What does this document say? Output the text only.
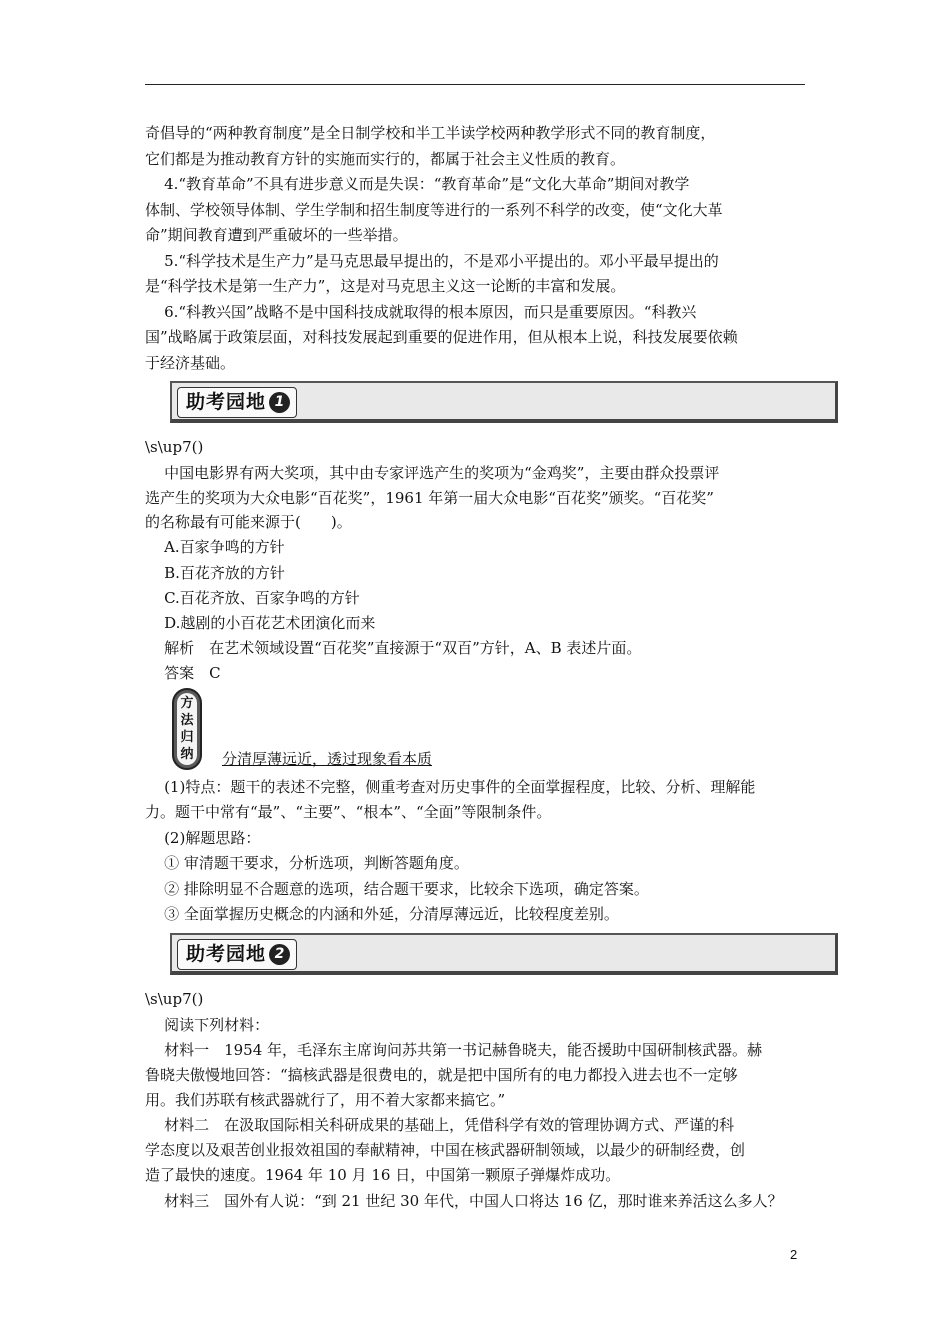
奇倡导的“两种教育制度”是全日制学校和半工半读学校两种教学形式不同的教育制度，

它们都是为推动教育方针的实施而实行的，都属于社会主义性质的教育。

4.“教育革命”不具有进步意义而是失误：“教育革命”是“文化大革命”期间对教学

体制、学校领导体制、学生学制和招生制度等进行的一系列不科学的改变，使“文化大革

命”期间教育遭到严重破坏的一些举措。

5.“科学技术是生产力”是马克思最早提出的，不是邓小平提出的。邓小平最早提出的

是“科学技术是第一生产力”，这是对马克思主义这一论断的丰富和发展。

6.“科教兴国”战略不是中国科技成就取得的根本原因，而只是重要原因。“科教兴

国”战略属于政策层面，对科技发展起到重要的促进作用，但从根本上说，科技发展要依赖

于经济基础。

助考园地 1

\s\up7()

中国电影界有两大奖项，其中由专家评选产生的奖项为“金鸡奖”，主要由群众投票评

选产生的奖项为大众电影“百花奖”，1961 年第一届大众电影“百花奖”颁奖。“百花奖”

的名称最有可能来源于(　　)。

A.百家争鸣的方针

B.百花齐放的方针

C.百花齐放、百家争鸣的方针

D.越剧的小百花艺术团演化而来

解析　在艺术领域设置“百花奖”直接源于“双百”方针，A、B 表述片面。

答案　C

方
法
归
纳 分清厚薄远近，透过现象看本质

(1)特点：题干的表述不完整，侧重考查对历史事件的全面掌握程度，比较、分析、理解能

力。题干中常有“最”、“主要”、“根本”、“全面”等限制条件。

(2)解题思路：

① 审清题干要求，分析选项，判断答题角度。

② 排除明显不合题意的选项，结合题干要求，比较余下选项，确定答案。

③ 全面掌握历史概念的内涵和外延，分清厚薄远近，比较程度差别。

助考园地 2

\s\up7()

阅读下列材料：

材料一　1954 年，毛泽东主席询问苏共第一书记赫鲁晓夫，能否援助中国研制核武器。赫

鲁晓夫傲慢地回答：“搞核武器是很费电的，就是把中国所有的电力都投入进去也不一定够

用。我们苏联有核武器就行了，用不着大家都来搞它。”

材料二　在汲取国际相关科研成果的基础上，凭借科学有效的管理协调方式、严谨的科

学态度以及艰苦创业报效祖国的奉献精神，中国在核武器研制领域，以最少的研制经费，创

造了最快的速度。1964 年 10 月 16 日，中国第一颗原子弹爆炸成功。

材料三　国外有人说：“到 21 世纪 30 年代，中国人口将达 16 亿，那时谁来养活这么多人？

2
